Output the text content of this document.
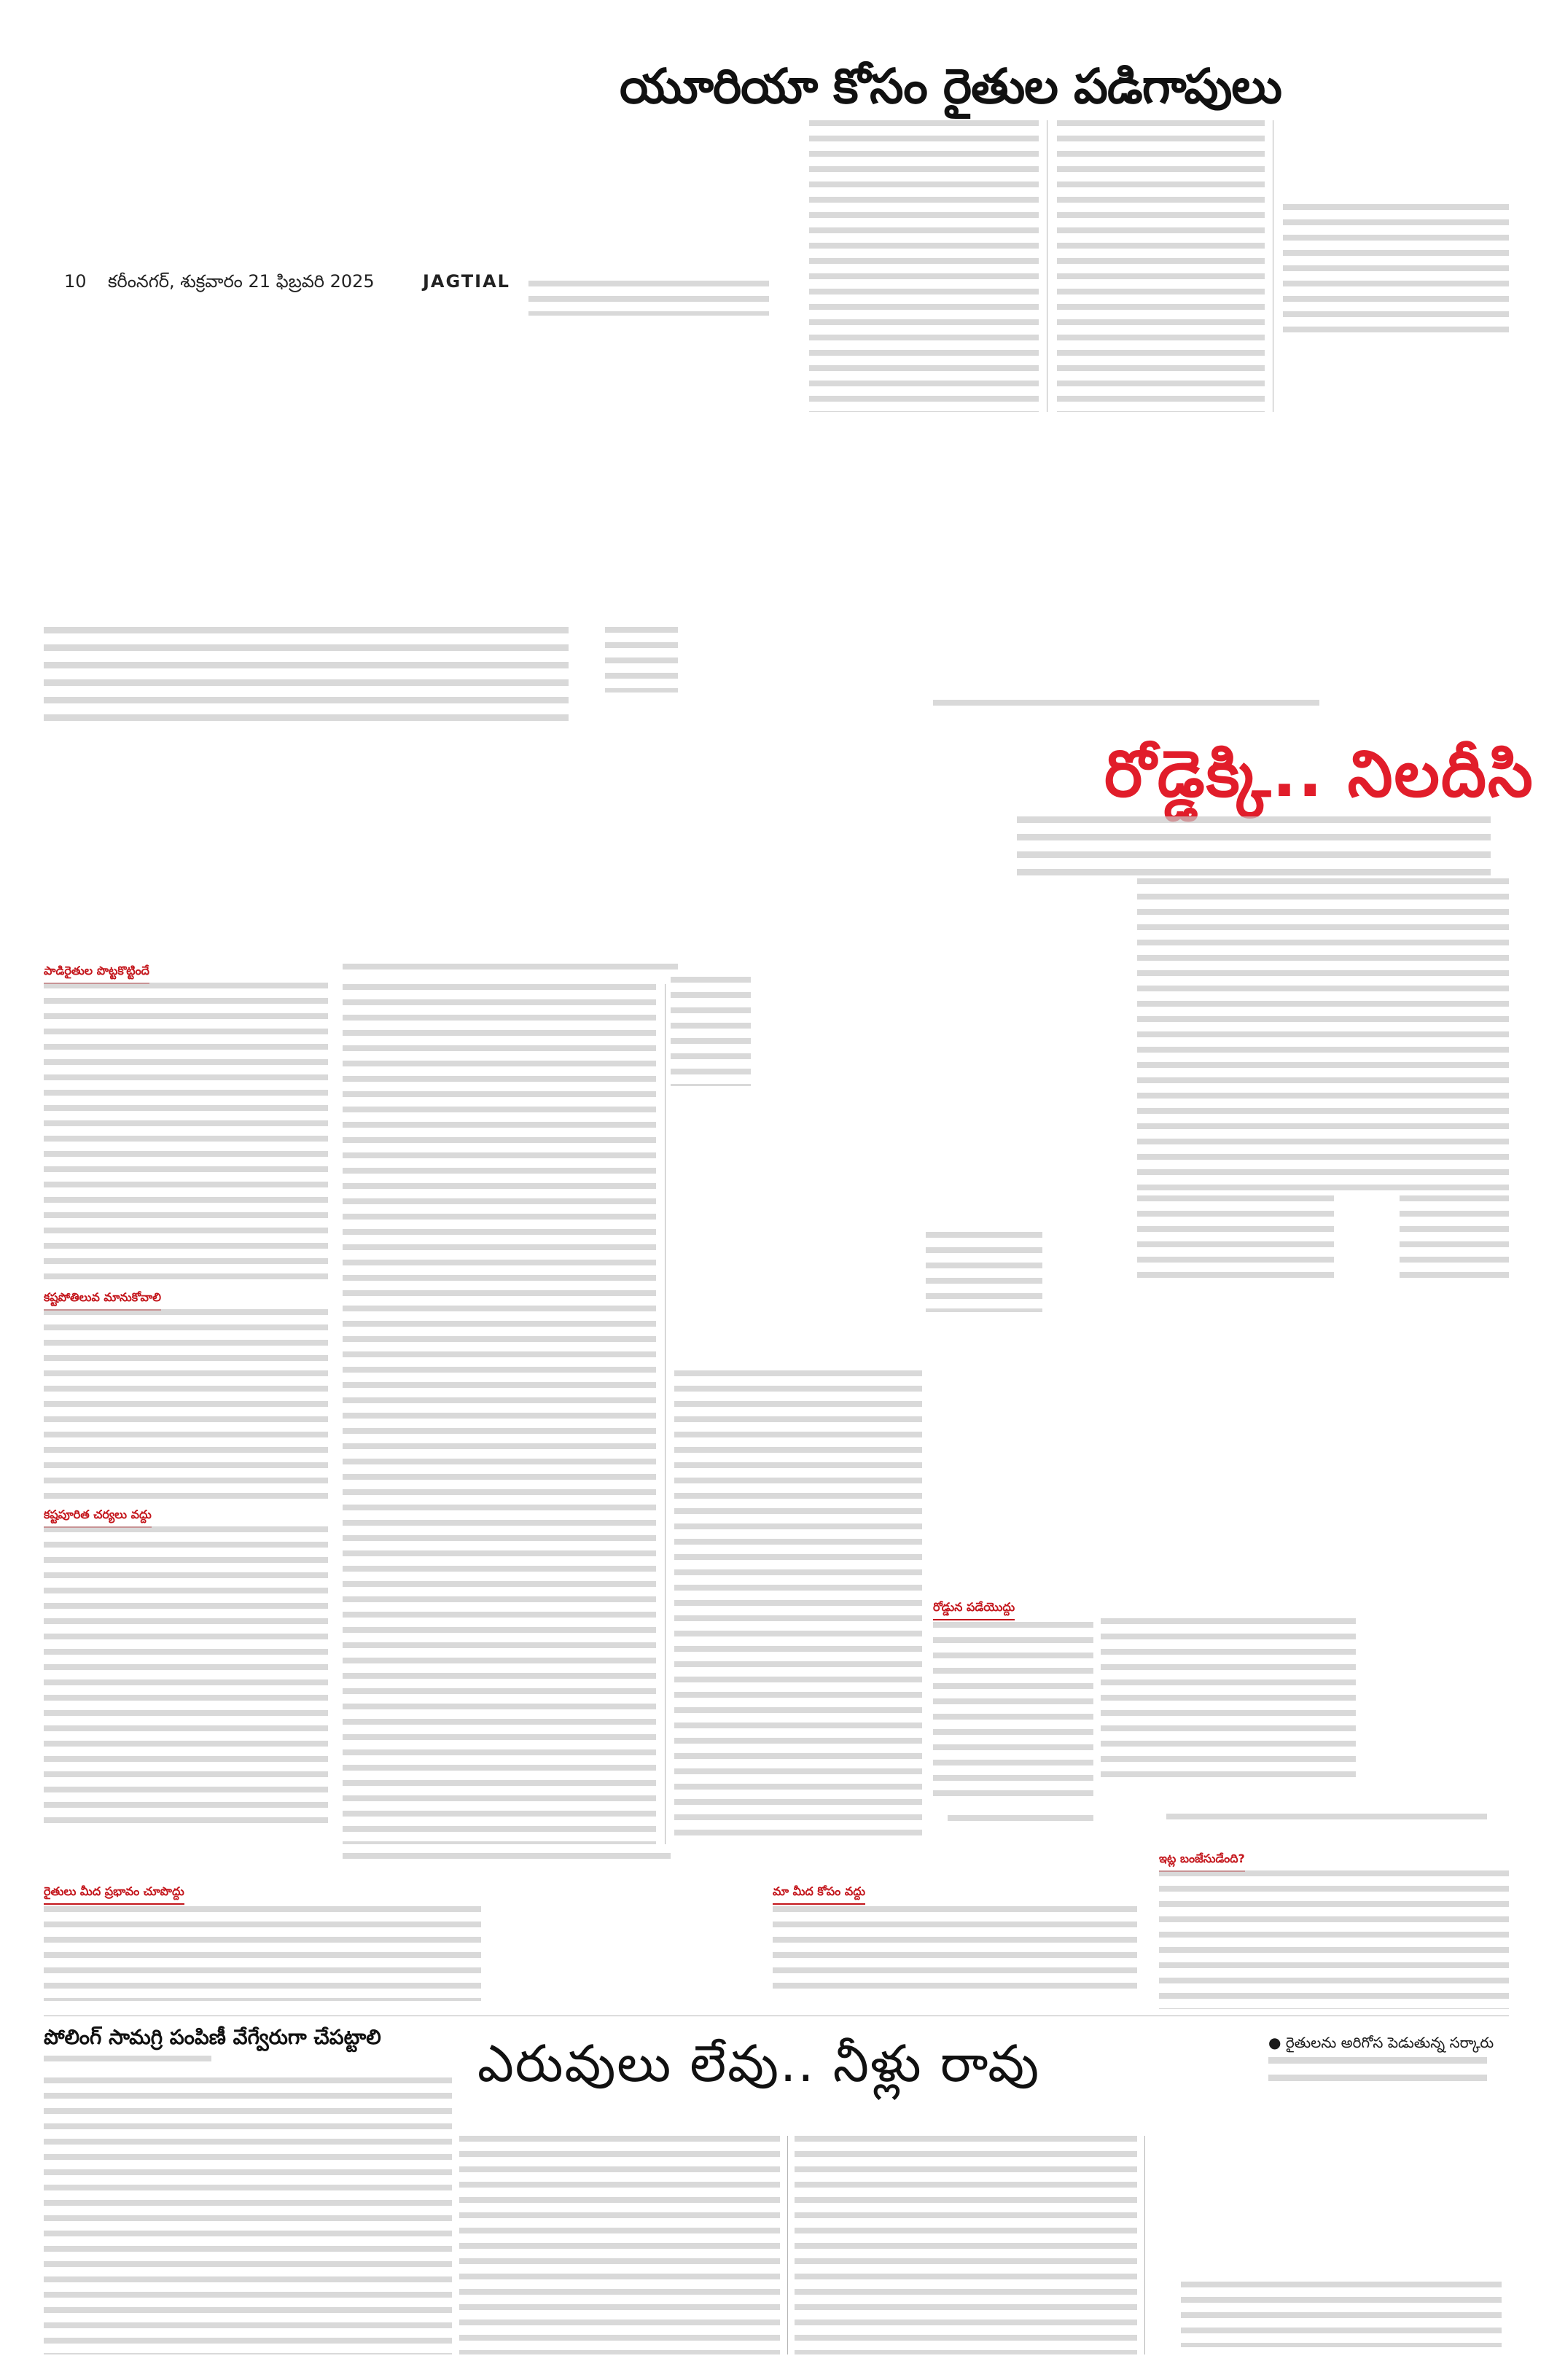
10 కరీంనగర్, శుక్రవారం 21 ఫిబ్రవరి 2025	JAGTIAL
యూరియా కోసం రైతుల పడిగాపులు
రోడ్డెక్కి.. నిలదీసి
పాడిరైతుల పొట్టకొట్టిందే
కష్టపోతిలువ మానుకోవాలి
కష్టపూరిత చర్యలు వద్దు
రోడ్డున పడేయొద్దు
ఇట్ల బంజేసుడేంది?
రైతులు మీద ప్రభావం చూపొద్దు	మా మీద కోపం వద్దు
పోలింగ్ సామగ్రి పంపిణీ వేగ్వేరుగా చేపట్టాలి ఎరువులు లేవు.. నీళ్లు రావు	● రైతులను అరిగోస పెడుతున్న సర్కారు
